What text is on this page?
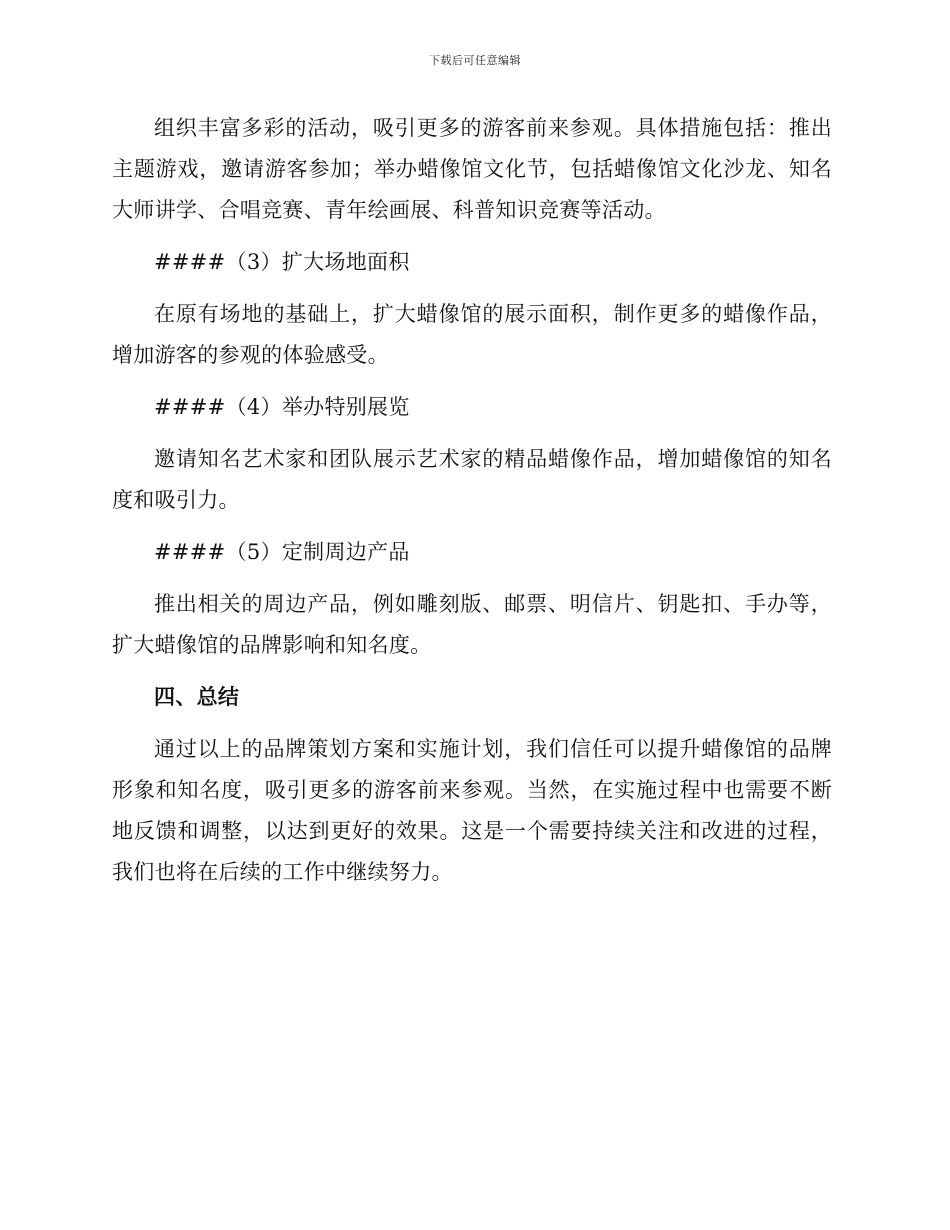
下载后可任意编辑

组织丰富多彩的活动，吸引更多的游客前来参观。具体措施包括：推出主题游戏，邀请游客参加；举办蜡像馆文化节，包括蜡像馆文化沙龙、知名大师讲学、合唱竞赛、青年绘画展、科普知识竞赛等活动。

####（3）扩大场地面积

在原有场地的基础上，扩大蜡像馆的展示面积，制作更多的蜡像作品，增加游客的参观的体验感受。

####（4）举办特别展览

邀请知名艺术家和团队展示艺术家的精品蜡像作品，增加蜡像馆的知名度和吸引力。

####（5）定制周边产品

推出相关的周边产品，例如雕刻版、邮票、明信片、钥匙扣、手办等，扩大蜡像馆的品牌影响和知名度。

四、总结

通过以上的品牌策划方案和实施计划，我们信任可以提升蜡像馆的品牌形象和知名度，吸引更多的游客前来参观。当然，在实施过程中也需要不断地反馈和调整，以达到更好的效果。这是一个需要持续关注和改进的过程，我们也将在后续的工作中继续努力。
